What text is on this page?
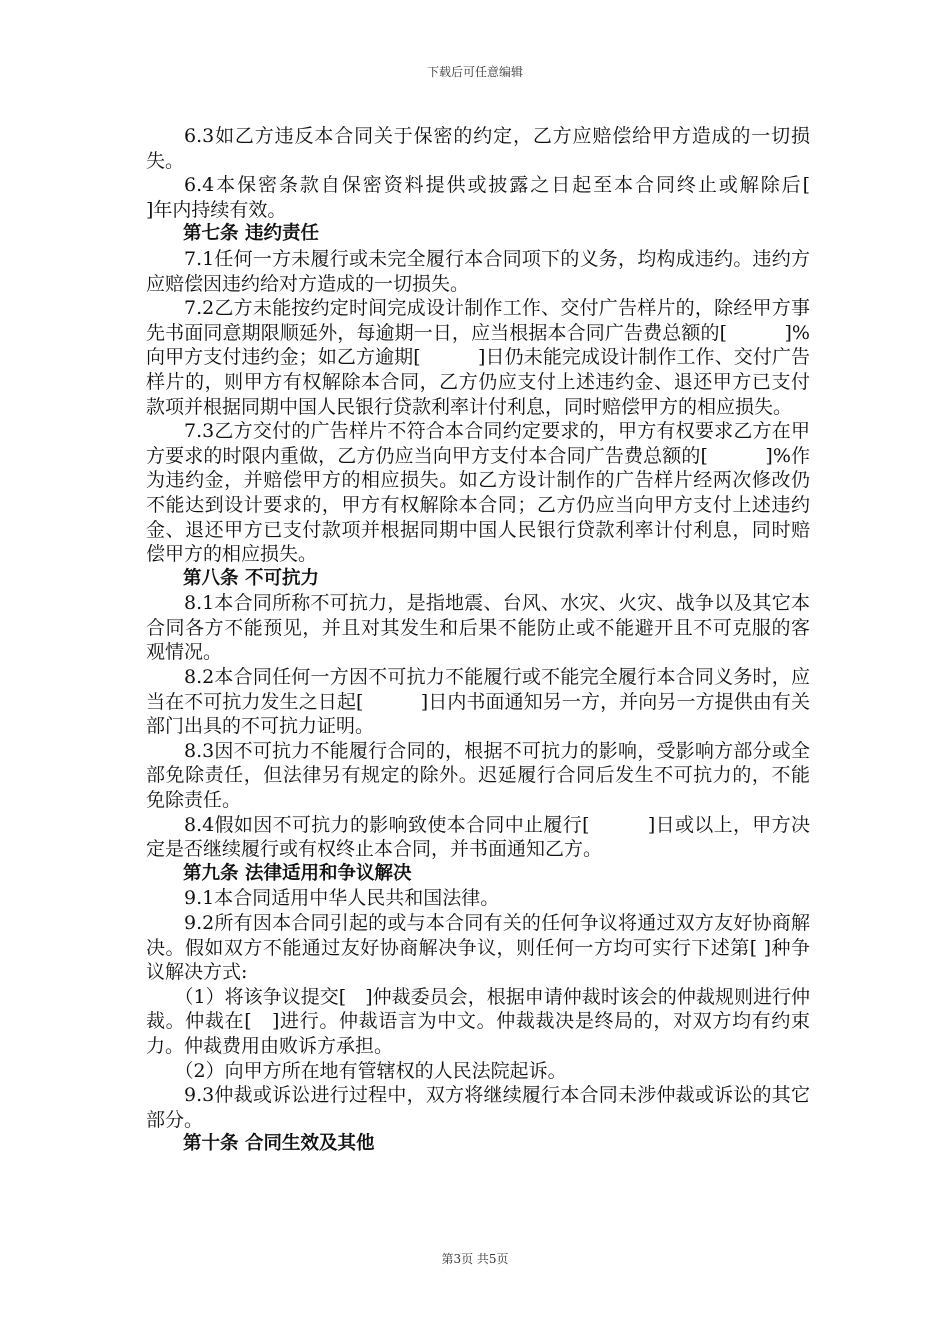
下载后可任意编辑

6.3如乙方违反本合同关于保密的约定，乙方应赔偿给甲方造成的一切损失。

6.4本保密条款自保密资料提供或披露之日起至本合同终止或解除后[　　　]年内持续有效。

第七条 违约责任

7.1任何一方未履行或未完全履行本合同项下的义务，均构成违约。违约方应赔偿因违约给对方造成的一切损失。

7.2乙方未能按约定时间完成设计制作工作、交付广告样片的，除经甲方事先书面同意期限顺延外，每逾期一日，应当根据本合同广告费总额的[　　　]%向甲方支付违约金；如乙方逾期[　　　]日仍未能完成设计制作工作、交付广告样片的，则甲方有权解除本合同，乙方仍应支付上述违约金、退还甲方已支付款项并根据同期中国人民银行贷款利率计付利息，同时赔偿甲方的相应损失。

7.3乙方交付的广告样片不符合本合同约定要求的，甲方有权要求乙方在甲方要求的时限内重做，乙方仍应当向甲方支付本合同广告费总额的[　　　]%作为违约金，并赔偿甲方的相应损失。如乙方设计制作的广告样片经两次修改仍不能达到设计要求的，甲方有权解除本合同；乙方仍应当向甲方支付上述违约金、退还甲方已支付款项并根据同期中国人民银行贷款利率计付利息，同时赔偿甲方的相应损失。

第八条 不可抗力

8.1本合同所称不可抗力，是指地震、台风、水灾、火灾、战争以及其它本合同各方不能预见，并且对其发生和后果不能防止或不能避开且不可克服的客观情况。

8.2本合同任何一方因不可抗力不能履行或不能完全履行本合同义务时，应当在不可抗力发生之日起[　　　]日内书面通知另一方，并向另一方提供由有关部门出具的不可抗力证明。

8.3因不可抗力不能履行合同的，根据不可抗力的影响，受影响方部分或全部免除责任，但法律另有规定的除外。迟延履行合同后发生不可抗力的，不能免除责任。

8.4假如因不可抗力的影响致使本合同中止履行[　　　]日或以上，甲方决定是否继续履行或有权终止本合同，并书面通知乙方。

第九条 法律适用和争议解决

9.1本合同适用中华人民共和国法律。

9.2所有因本合同引起的或与本合同有关的任何争议将通过双方友好协商解决。假如双方不能通过友好协商解决争议，则任何一方均可实行下述第[ ]种争议解决方式:

（1）将该争议提交[　]仲裁委员会，根据申请仲裁时该会的仲裁规则进行仲裁。仲裁在[　]进行。仲裁语言为中文。仲裁裁决是终局的，对双方均有约束力。仲裁费用由败诉方承担。

（2）向甲方所在地有管辖权的人民法院起诉。

9.3仲裁或诉讼进行过程中，双方将继续履行本合同未涉仲裁或诉讼的其它部分。

第十条 合同生效及其他

第3页 共5页
